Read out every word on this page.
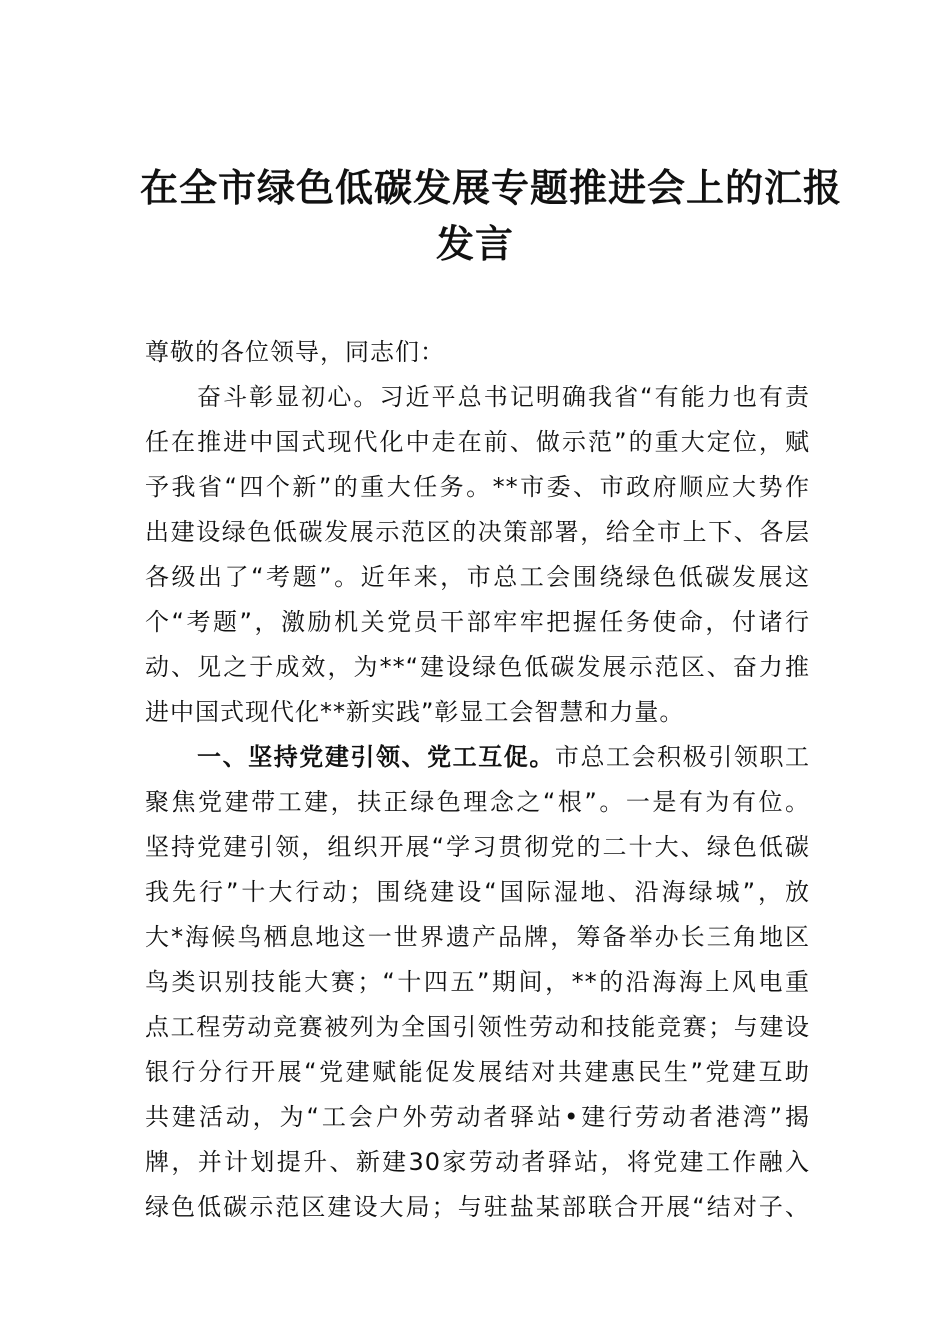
在全市绿色低碳发展专题推进会上的汇报
发言
尊敬的各位领导，同志们：
奋斗彰显初心。习近平总书记明确我省“有能力也有责
任在推进中国式现代化中走在前、做示范”的重大定位，赋
予我省“四个新”的重大任务。**市委、市政府顺应大势作
出建设绿色低碳发展示范区的决策部署，给全市上下、各层
各级出了“考题”。近年来，市总工会围绕绿色低碳发展这
个“考题”，激励机关党员干部牢牢把握任务使命，付诸行
动、见之于成效，为**“建设绿色低碳发展示范区、奋力推
进中国式现代化**新实践”彰显工会智慧和力量。
一、坚持党建引领、党工互促。市总工会积极引领职工
聚焦党建带工建，扶正绿色理念之“根”。一是有为有位。
坚持党建引领，组织开展“学习贯彻党的二十大、绿色低碳
我先行”十大行动；围绕建设“国际湿地、沿海绿城”，放
大*海候鸟栖息地这一世界遗产品牌，筹备举办长三角地区
鸟类识别技能大赛；“十四五”期间，**的沿海海上风电重
点工程劳动竞赛被列为全国引领性劳动和技能竞赛；与建设
银行分行开展“党建赋能促发展结对共建惠民生”党建互助
共建活动，为“工会户外劳动者驿站•建行劳动者港湾”揭
牌，并计划提升、新建30家劳动者驿站，将党建工作融入
绿色低碳示范区建设大局；与驻盐某部联合开展“结对子、
